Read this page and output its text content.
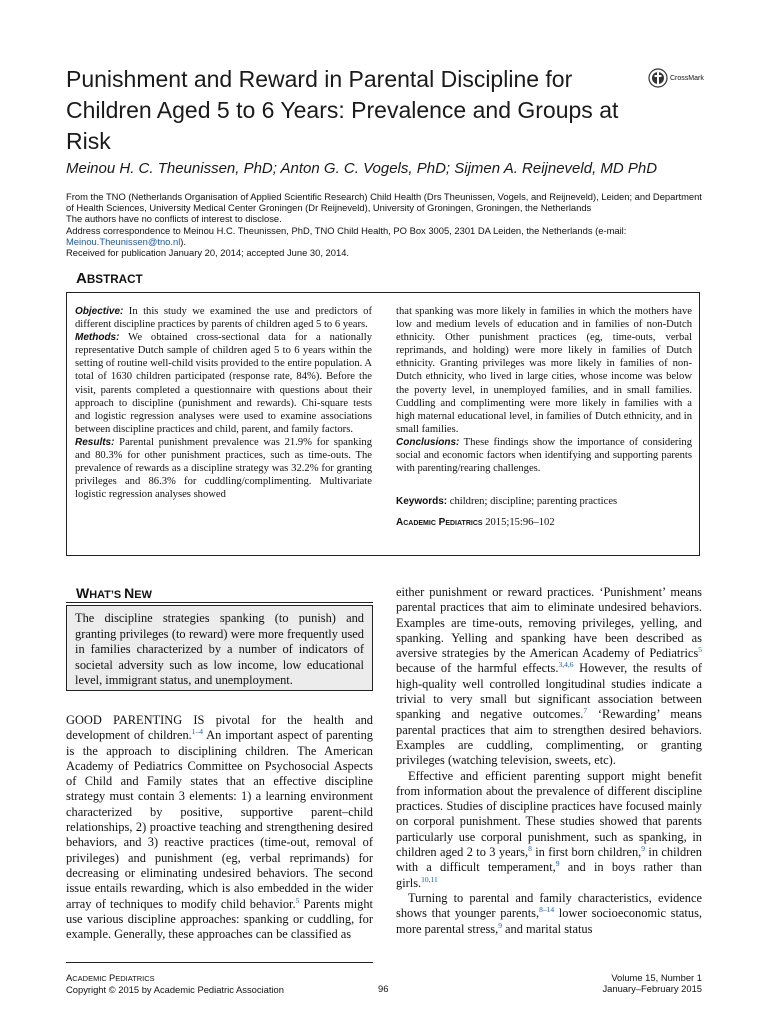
Punishment and Reward in Parental Discipline for Children Aged 5 to 6 Years: Prevalence and Groups at Risk
CrossMark
Meinou H. C. Theunissen, PhD; Anton G. C. Vogels, PhD; Sijmen A. Reijneveld, MD PhD
From the TNO (Netherlands Organisation of Applied Scientific Research) Child Health (Drs Theunissen, Vogels, and Reijneveld), Leiden; and Department of Health Sciences, University Medical Center Groningen (Dr Reijneveld), University of Groningen, Groningen, the Netherlands
The authors have no conflicts of interest to disclose.
Address correspondence to Meinou H.C. Theunissen, PhD, TNO Child Health, PO Box 3005, 2301 DA Leiden, the Netherlands (e-mail:
Meinou.Theunissen@tno.nl).
Received for publication January 20, 2014; accepted June 30, 2014.
ABSTRACT
Objective: In this study we examined the use and predictors of different discipline practices by parents of children aged 5 to 6 years.
Methods: We obtained cross-sectional data for a nationally representative Dutch sample of children aged 5 to 6 years within the setting of routine well-child visits provided to the entire population. A total of 1630 children participated (response rate, 84%). Before the visit, parents completed a questionnaire with questions about their approach to discipline (punishment and rewards). Chi-square tests and logistic regression analyses were used to examine associations between discipline practices and child, parent, and family factors.
Results: Parental punishment prevalence was 21.9% for spanking and 80.3% for other punishment practices, such as time-outs. The prevalence of rewards as a discipline strategy was 32.2% for granting privileges and 86.3% for cuddling/complimenting. Multivariate logistic regression analyses showed
that spanking was more likely in families in which the mothers have low and medium levels of education and in families of non-Dutch ethnicity. Other punishment practices (eg, time-outs, verbal reprimands, and holding) were more likely in families of Dutch ethnicity. Granting privileges was more likely in families of non-Dutch ethnicity, who lived in large cities, whose income was below the poverty level, in unemployed families, and in small families. Cuddling and complimenting were more likely in families with a high maternal educational level, in families of Dutch ethnicity, and in small families.
Conclusions: These findings show the importance of considering social and economic factors when identifying and supporting parents with parenting/rearing challenges.
Keywords: children; discipline; parenting practices
Academic Pediatrics 2015;15:96–102
WHAT’S NEW
The discipline strategies spanking (to punish) and granting privileges (to reward) were more frequently used in families characterized by a number of indicators of societal adversity such as low income, low educational level, immigrant status, and unemployment.

GOOD PARENTING IS pivotal for the health and development of children.$^{1-4}$ An important aspect of parenting is the approach to disciplining children. The American Academy of Pediatrics Committee on Psychosocial Aspects of Child and Family states that an effective discipline strategy must contain 3 elements: 1) a learning environment characterized by positive, supportive parent–child relationships, 2) proactive teaching and strengthening desired behaviors, and 3) reactive practices (time-out, removal of privileges) and punishment (eg, verbal reprimands) for decreasing or eliminating undesired behaviors. The second issue entails rewarding, which is also embedded in the wider array of techniques to modify child behavior.$^5$ Parents might use various discipline approaches: spanking or cuddling, for example. Generally, these approaches can be classified as

either punishment or reward practices. ‘Punishment’ means parental practices that aim to eliminate undesired behaviors. Examples are time-outs, removing privileges, yelling, and spanking. Yelling and spanking have been described as aversive strategies by the American Academy of Pediatrics$^5$ because of the harmful effects.$^{3,4,6}$ However, the results of high-quality well controlled longitudinal studies indicate a trivial to very small but significant association between spanking and negative outcomes.$^7$ ‘Rewarding’ means parental practices that aim to strengthen desired behaviors. Examples are cuddling, complimenting, or granting privileges (watching television, sweets, etc).

Effective and efficient parenting support might benefit from information about the prevalence of different discipline practices. Studies of discipline practices have focused mainly on corporal punishment. These studies showed that parents particularly use corporal punishment, such as spanking, in children aged 2 to 3 years,$^8$ in first born children,$^9$ in children with a difficult temperament,$^9$ and in boys rather than girls.$^{10,11}$

Turning to parental and family characteristics, evidence shows that younger parents,$^{8-14}$ lower socioeconomic status, more parental stress,$^9$ and marital status

ACADEMIC PEDIATRICS
Copyright © 2015 by Academic Pediatric Association	96
Volume 15, Number 1
January–February 2015
